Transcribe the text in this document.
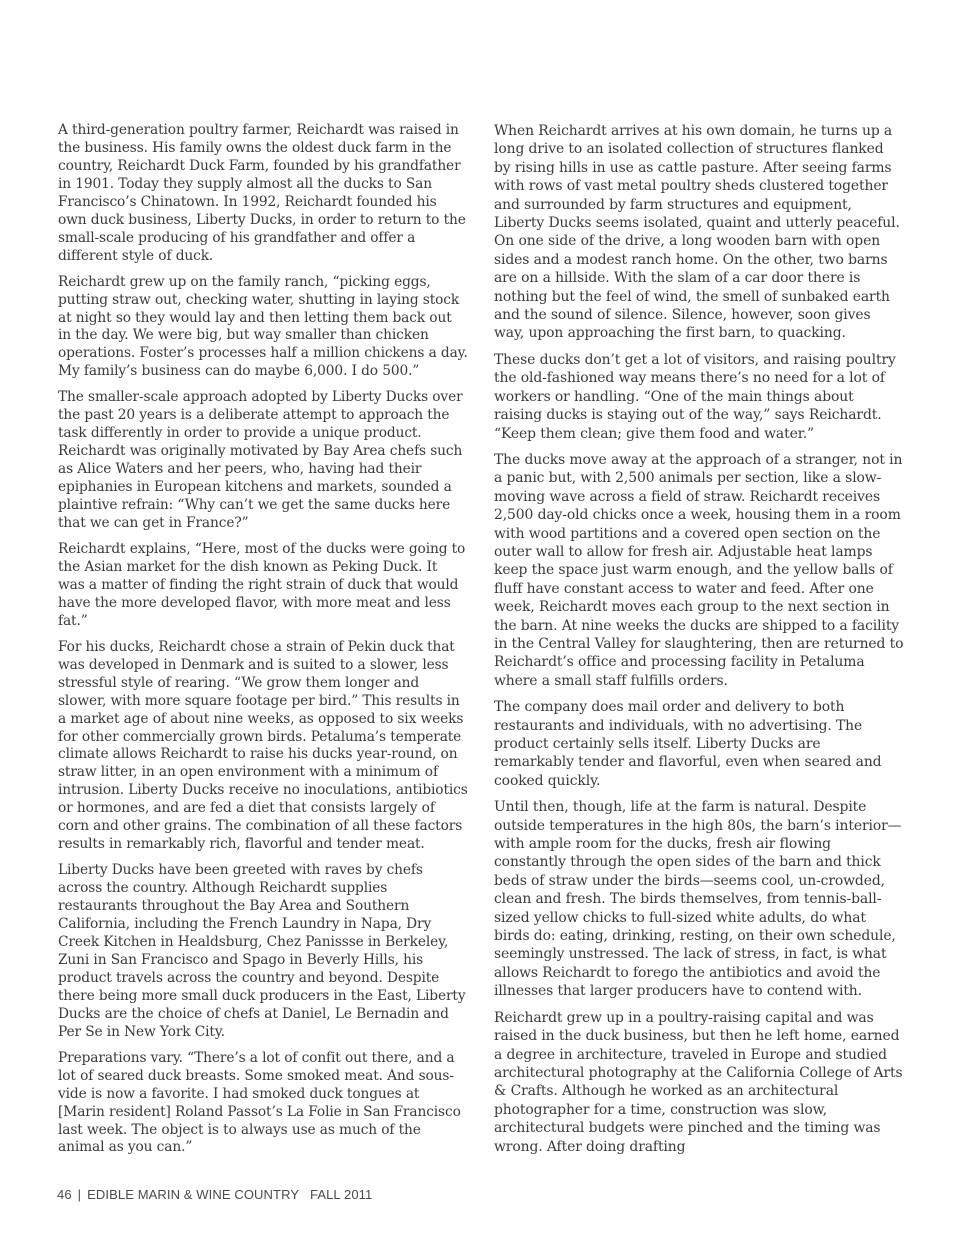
A third-generation poultry farmer, Reichardt was raised in the business. His family owns the oldest duck farm in the country, Reichardt Duck Farm, founded by his grandfather in 1901. Today they supply almost all the ducks to San Francisco’s Chinatown. In 1992, Reichardt founded his own duck business, Liberty Ducks, in order to return to the small-scale producing of his grandfather and offer a different style of duck.

Reichardt grew up on the family ranch, “picking eggs, putting straw out, checking water, shutting in laying stock at night so they would lay and then letting them back out in the day. We were big, but way smaller than chicken operations. Foster’s processes half a million chickens a day. My family’s business can do maybe 6,000. I do 500.”

The smaller-scale approach adopted by Liberty Ducks over the past 20 years is a deliberate attempt to approach the task differently in order to provide a unique product. Reichardt was originally motivated by Bay Area chefs such as Alice Waters and her peers, who, having had their epiphanies in European kitchens and markets, sounded a plaintive refrain: “Why can’t we get the same ducks here that we can get in France?”

Reichardt explains, “Here, most of the ducks were going to the Asian market for the dish known as Peking Duck. It was a matter of finding the right strain of duck that would have the more developed flavor, with more meat and less fat.”

For his ducks, Reichardt chose a strain of Pekin duck that was developed in Denmark and is suited to a slower, less stressful style of rearing. “We grow them longer and slower, with more square footage per bird.” This results in a market age of about nine weeks, as opposed to six weeks for other commercially grown birds. Petaluma’s temperate climate allows Reichardt to raise his ducks year-round, on straw litter, in an open environment with a minimum of intrusion. Liberty Ducks receive no inoculations, antibiotics or hormones, and are fed a diet that consists largely of corn and other grains. The combination of all these factors results in remarkably rich, flavorful and tender meat.

Liberty Ducks have been greeted with raves by chefs across the country. Although Reichardt supplies restaurants throughout the Bay Area and Southern California, including the French Laundry in Napa, Dry Creek Kitchen in Healdsburg, Chez Panissse in Berkeley, Zuni in San Francisco and Spago in Beverly Hills, his product travels across the country and beyond. Despite there being more small duck producers in the East, Liberty Ducks are the choice of chefs at Daniel, Le Bernadin and Per Se in New York City.

Preparations vary. “There’s a lot of confit out there, and a lot of seared duck breasts. Some smoked meat. And sous-vide is now a favorite. I had smoked duck tongues at [Marin resident] Roland Passot’s La Folie in San Francisco last week. The object is to always use as much of the animal as you can.”

When Reichardt arrives at his own domain, he turns up a long drive to an isolated collection of structures flanked by rising hills in use as cattle pasture. After seeing farms with rows of vast metal poultry sheds clustered together and surrounded by farm structures and equipment, Liberty Ducks seems isolated, quaint and utterly peaceful. On one side of the drive, a long wooden barn with open sides and a modest ranch home. On the other, two barns are on a hillside. With the slam of a car door there is nothing but the feel of wind, the smell of sunbaked earth and the sound of silence. Silence, however, soon gives way, upon approaching the first barn, to quacking.

These ducks don’t get a lot of visitors, and raising poultry the old-fashioned way means there’s no need for a lot of workers or handling. “One of the main things about raising ducks is staying out of the way,” says Reichardt. “Keep them clean; give them food and water.”

The ducks move away at the approach of a stranger, not in a panic but, with 2,500 animals per section, like a slow-moving wave across a field of straw. Reichardt receives 2,500 day-old chicks once a week, housing them in a room with wood partitions and a covered open section on the outer wall to allow for fresh air. Adjustable heat lamps keep the space just warm enough, and the yellow balls of fluff have constant access to water and feed. After one week, Reichardt moves each group to the next section in the barn. At nine weeks the ducks are shipped to a facility in the Central Valley for slaughtering, then are returned to Reichardt’s office and processing facility in Petaluma where a small staff fulfills orders.

The company does mail order and delivery to both restaurants and individuals, with no advertising. The product certainly sells itself. Liberty Ducks are remarkably tender and flavorful, even when seared and cooked quickly.

Until then, though, life at the farm is natural. Despite outside temperatures in the high 80s, the barn’s interior—with ample room for the ducks, fresh air flowing constantly through the open sides of the barn and thick beds of straw under the birds—seems cool, un-crowded, clean and fresh. The birds themselves, from tennis-ball-sized yellow chicks to full-sized white adults, do what birds do: eating, drinking, resting, on their own schedule, seemingly unstressed. The lack of stress, in fact, is what allows Reichardt to forego the antibiotics and avoid the illnesses that larger producers have to contend with.

Reichardt grew up in a poultry-raising capital and was raised in the duck business, but then he left home, earned a degree in architecture, traveled in Europe and studied architectural photography at the California College of Arts & Crafts. Although he worked as an architectural photographer for a time, construction was slow, architectural budgets were pinched and the timing was wrong. After doing drafting

46 | EDIBLE MARIN & WINE COUNTRY FALL 2011
